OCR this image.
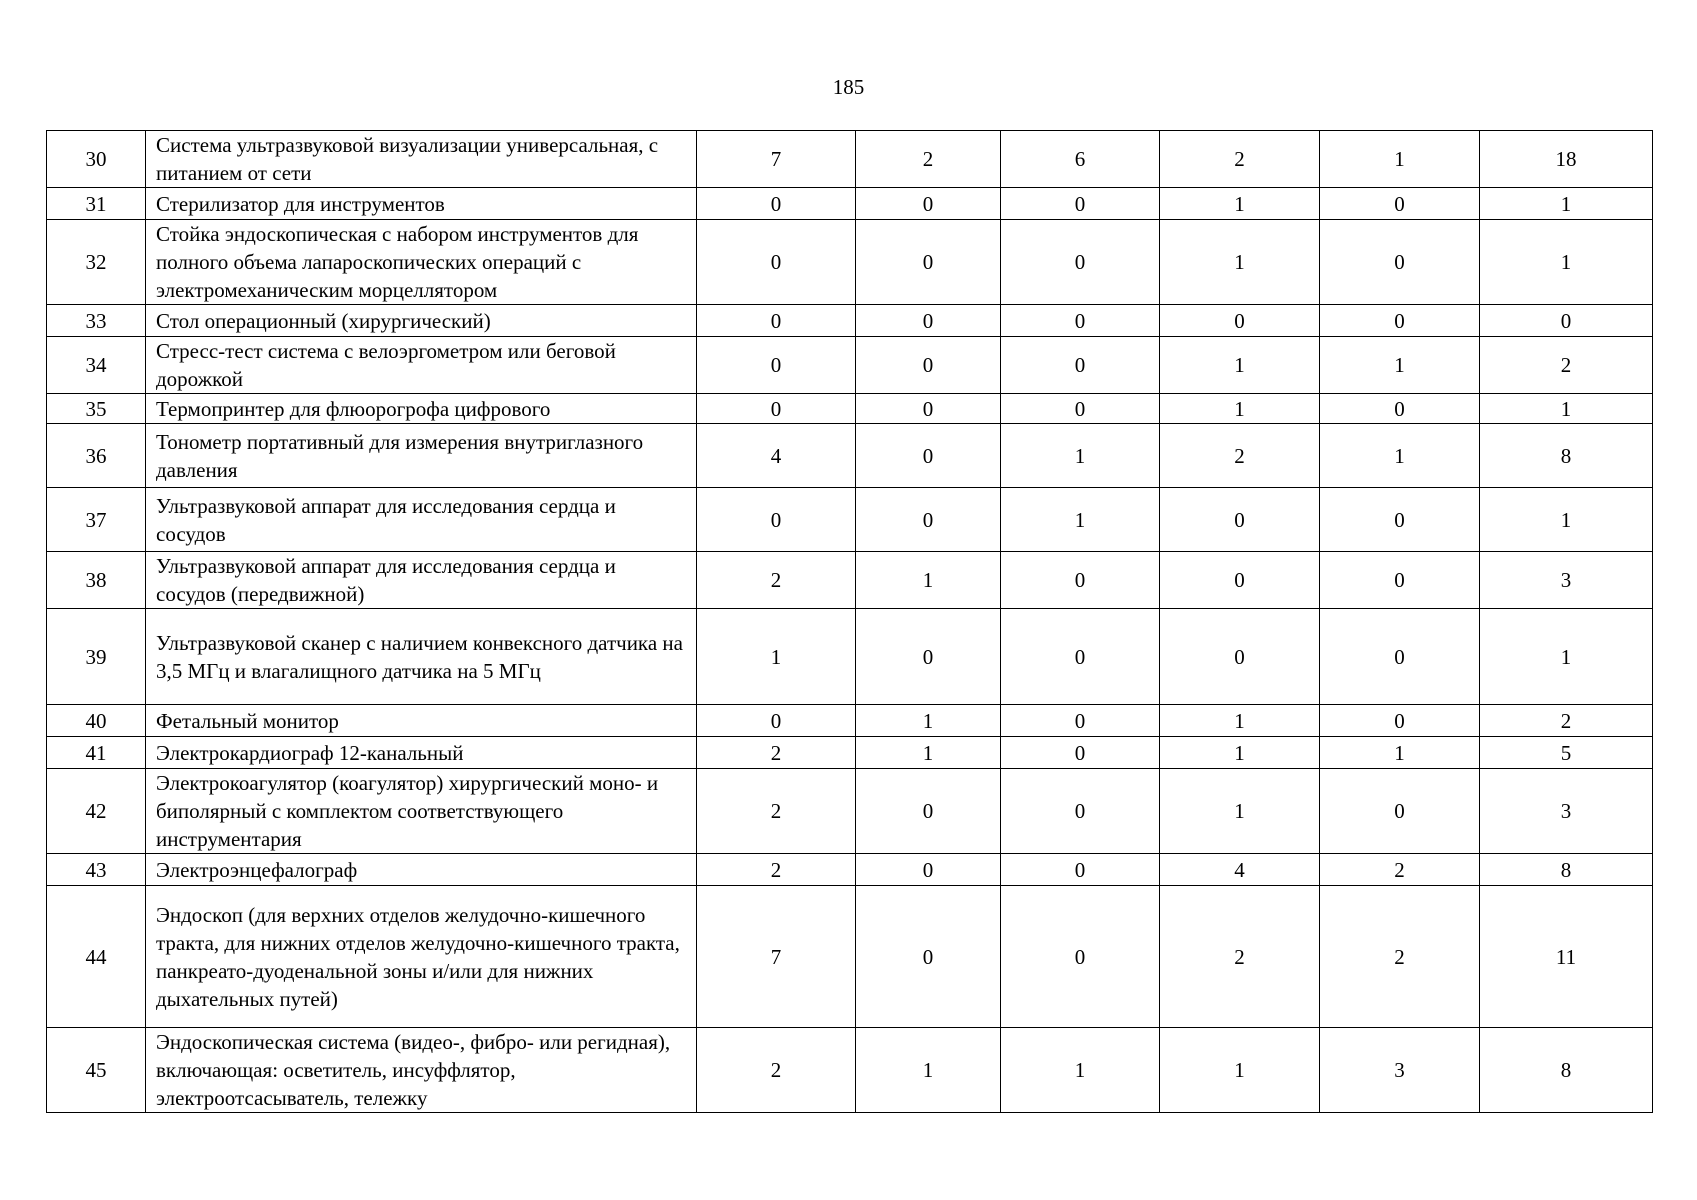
185
30	Система ультразвуковой визуализации универсальная, с питанием от сети	7	2	6	2	1	18
31	Стерилизатор для инструментов	0	0	0	1	0	1
32	Стойка эндоскопическая с набором инструментов для полного объема лапароскопических операций с электромеханическим морцеллятором	0	0	0	1	0	1
33	Стол операционный (хирургический)	0	0	0	0	0	0
34	Стресс-тест система с велоэргометром или беговой дорожкой	0	0	0	1	1	2
35	Термопринтер для флюорогрофа цифрового	0	0	0	1	0	1
36	Тонометр портативный для измерения внутриглазного давления	4	0	1	2	1	8
37	Ультразвуковой аппарат для исследования сердца и сосудов	0	0	1	0	0	1
38	Ультразвуковой аппарат для исследования сердца и сосудов (передвижной)	2	1	0	0	0	3
39	Ультразвуковой сканер с наличием конвексного датчика на 3,5 МГц и влагалищного датчика на 5 МГц	1	0	0	0	0	1
40	Фетальный монитор	0	1	0	1	0	2
41	Электрокардиограф 12-канальный	2	1	0	1	1	5
42	Электрокоагулятор (коагулятор) хирургический моно- и биполярный с комплектом соответствующего инструментария	2	0	0	1	0	3
43	Электроэнцефалограф	2	0	0	4	2	8
44	Эндоскоп (для верхних отделов желудочно-кишечного тракта, для нижних отделов желудочно-кишечного тракта, панкреато-дуоденальной зоны и/или для нижних дыхательных путей)	7	0	0	2	2	11
45	Эндоскопическая система (видео-, фибро- или регидная), включающая: осветитель, инсуффлятор, электроотсасыватель, тележку	2	1	1	1	3	8
